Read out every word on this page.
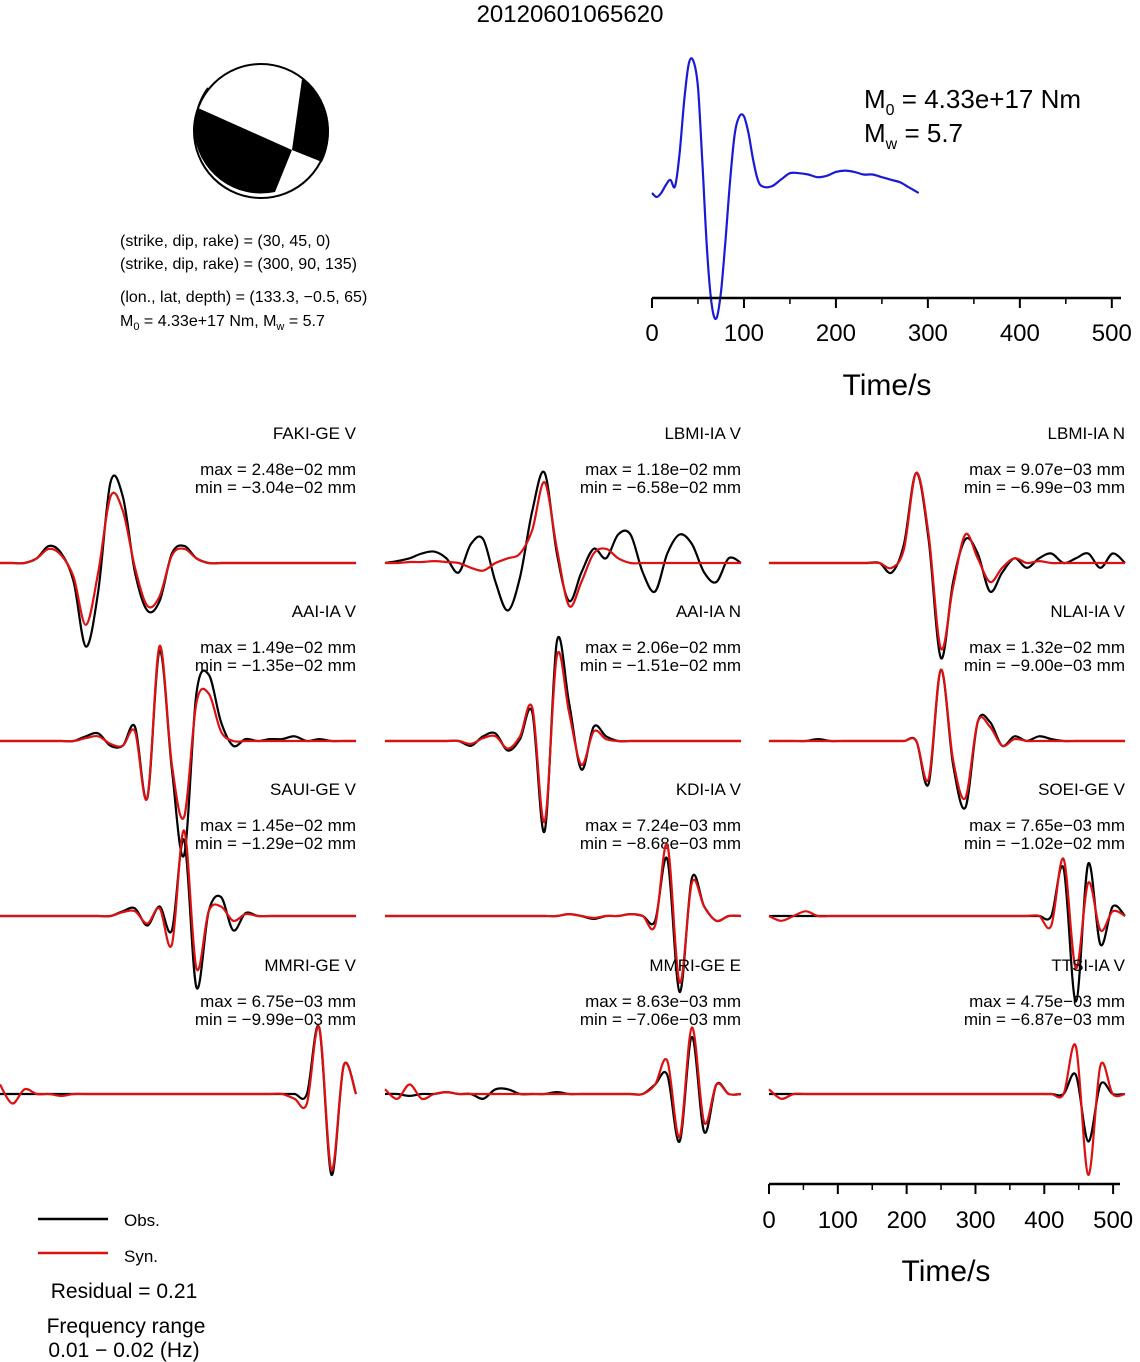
20120601065620
(strike, dip, rake) = (30, 45, 0)
(strike, dip, rake) = (300, 90, 135)
(lon., lat, depth) = (133.3, −0.5, 65)
$M_0 = 4.33e+17$ Nm, $M_w = 5.7$
$M_0 = 4.33e+17$ Nm
$M_w = 5.7$
0	100 200 300 400 500
Time/s
FAKI-GE V
max = 2.48e−02 mm
min = −3.04e−02 mm
LBMI-IA V
max = 1.18e−02 mm
min = −6.58e−02 mm
LBMI-IA N
max = 9.07e−03 mm
min = −6.99e−03 mm
AAI-IA V
max = 1.49e−02 mm
min = −1.35e−02 mm
AAI-IA N
max = 2.06e−02 mm
min = −1.51e−02 mm
NLAI-IA V
max = 1.32e−02 mm
min = −9.00e−03 mm
SAUI-GE V
max = 1.45e−02 mm
min = −1.29e−02 mm
KDI-IA V
max = 7.24e−03 mm
min = −8.68e−03 mm
SOEI-GE V
max = 7.65e−03 mm
min = −1.02e−02 mm
MMRI-GE V
max = 6.75e−03 mm
min = −9.99e−03 mm
MMRI-GE E
max = 8.63e−03 mm
min = −7.06e−03 mm
TTSI-IA V
max = 4.75e−03 mm
min = −6.87e−03 mm
0 100 200 300 400 500
Time/s
Obs.
Syn.
Residual = 0.21
Frequency range
0.01 − 0.02 (Hz)
